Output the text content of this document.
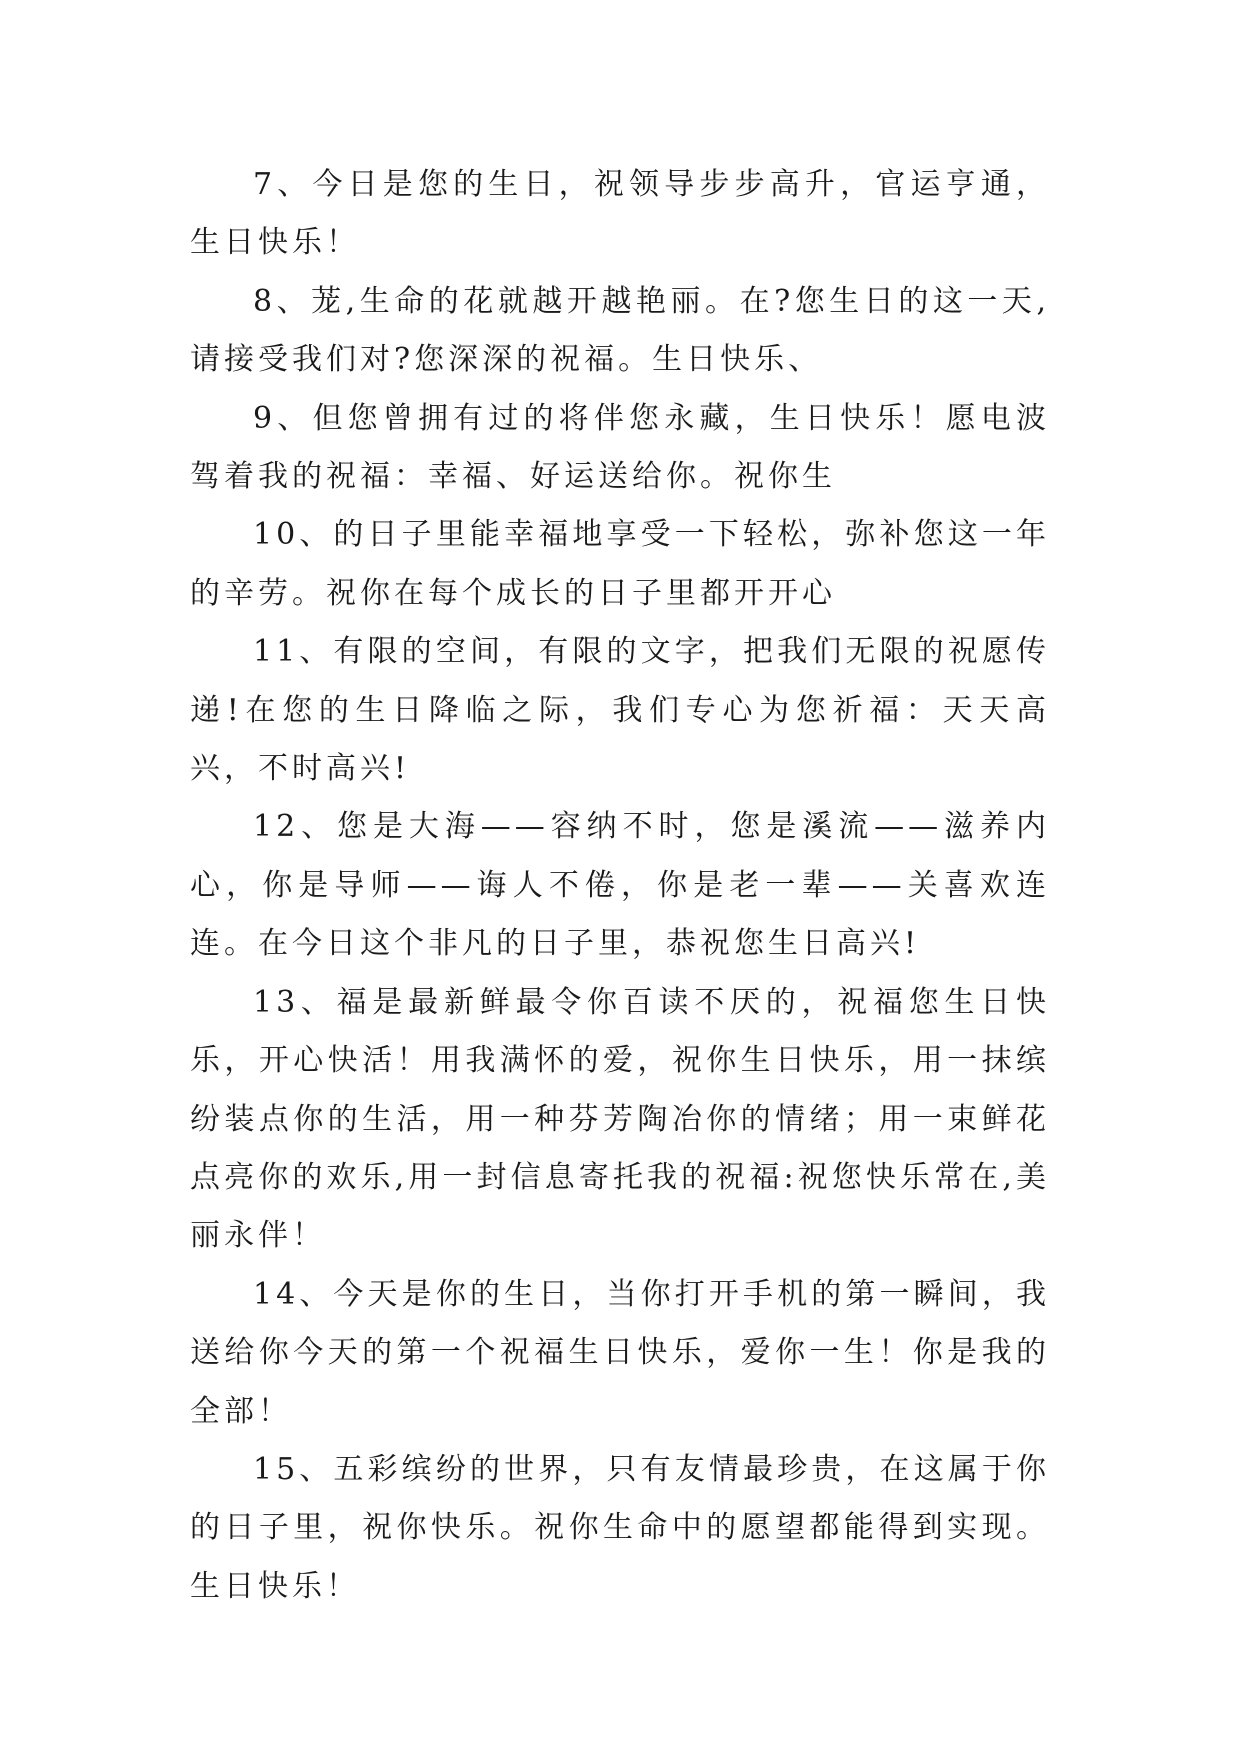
7、今日是您的生日，祝领导步步高升，官运亨通，生日快乐！

8、茏,生命的花就越开越艳丽。在?您生日的这一天,请接受我们对?您深深的祝福。生日快乐、

9、但您曾拥有过的将伴您永藏，生日快乐！愿电波驾着我的祝福：幸福、好运送给你。祝你生

10、的日子里能幸福地享受一下轻松，弥补您这一年的辛劳。祝你在每个成长的日子里都开开心

11、有限的空间，有限的文字，把我们无限的祝愿传递!在您的生日降临之际，我们专心为您祈福：天天高兴，不时高兴!

12、您是大海——容纳不时，您是溪流——滋养内心，你是导师——诲人不倦，你是老一辈——关喜欢连连。在今日这个非凡的日子里，恭祝您生日高兴!

13、福是最新鲜最令你百读不厌的，祝福您生日快乐，开心快活！用我满怀的爱，祝你生日快乐，用一抹缤纷装点你的生活，用一种芬芳陶冶你的情绪；用一束鲜花点亮你的欢乐,用一封信息寄托我的祝福:祝您快乐常在,美丽永伴！

14、今天是你的生日，当你打开手机的第一瞬间，我送给你今天的第一个祝福生日快乐，爱你一生！你是我的全部！

15、五彩缤纷的世界，只有友情最珍贵，在这属于你的日子里，祝你快乐。祝你生命中的愿望都能得到实现。生日快乐！
